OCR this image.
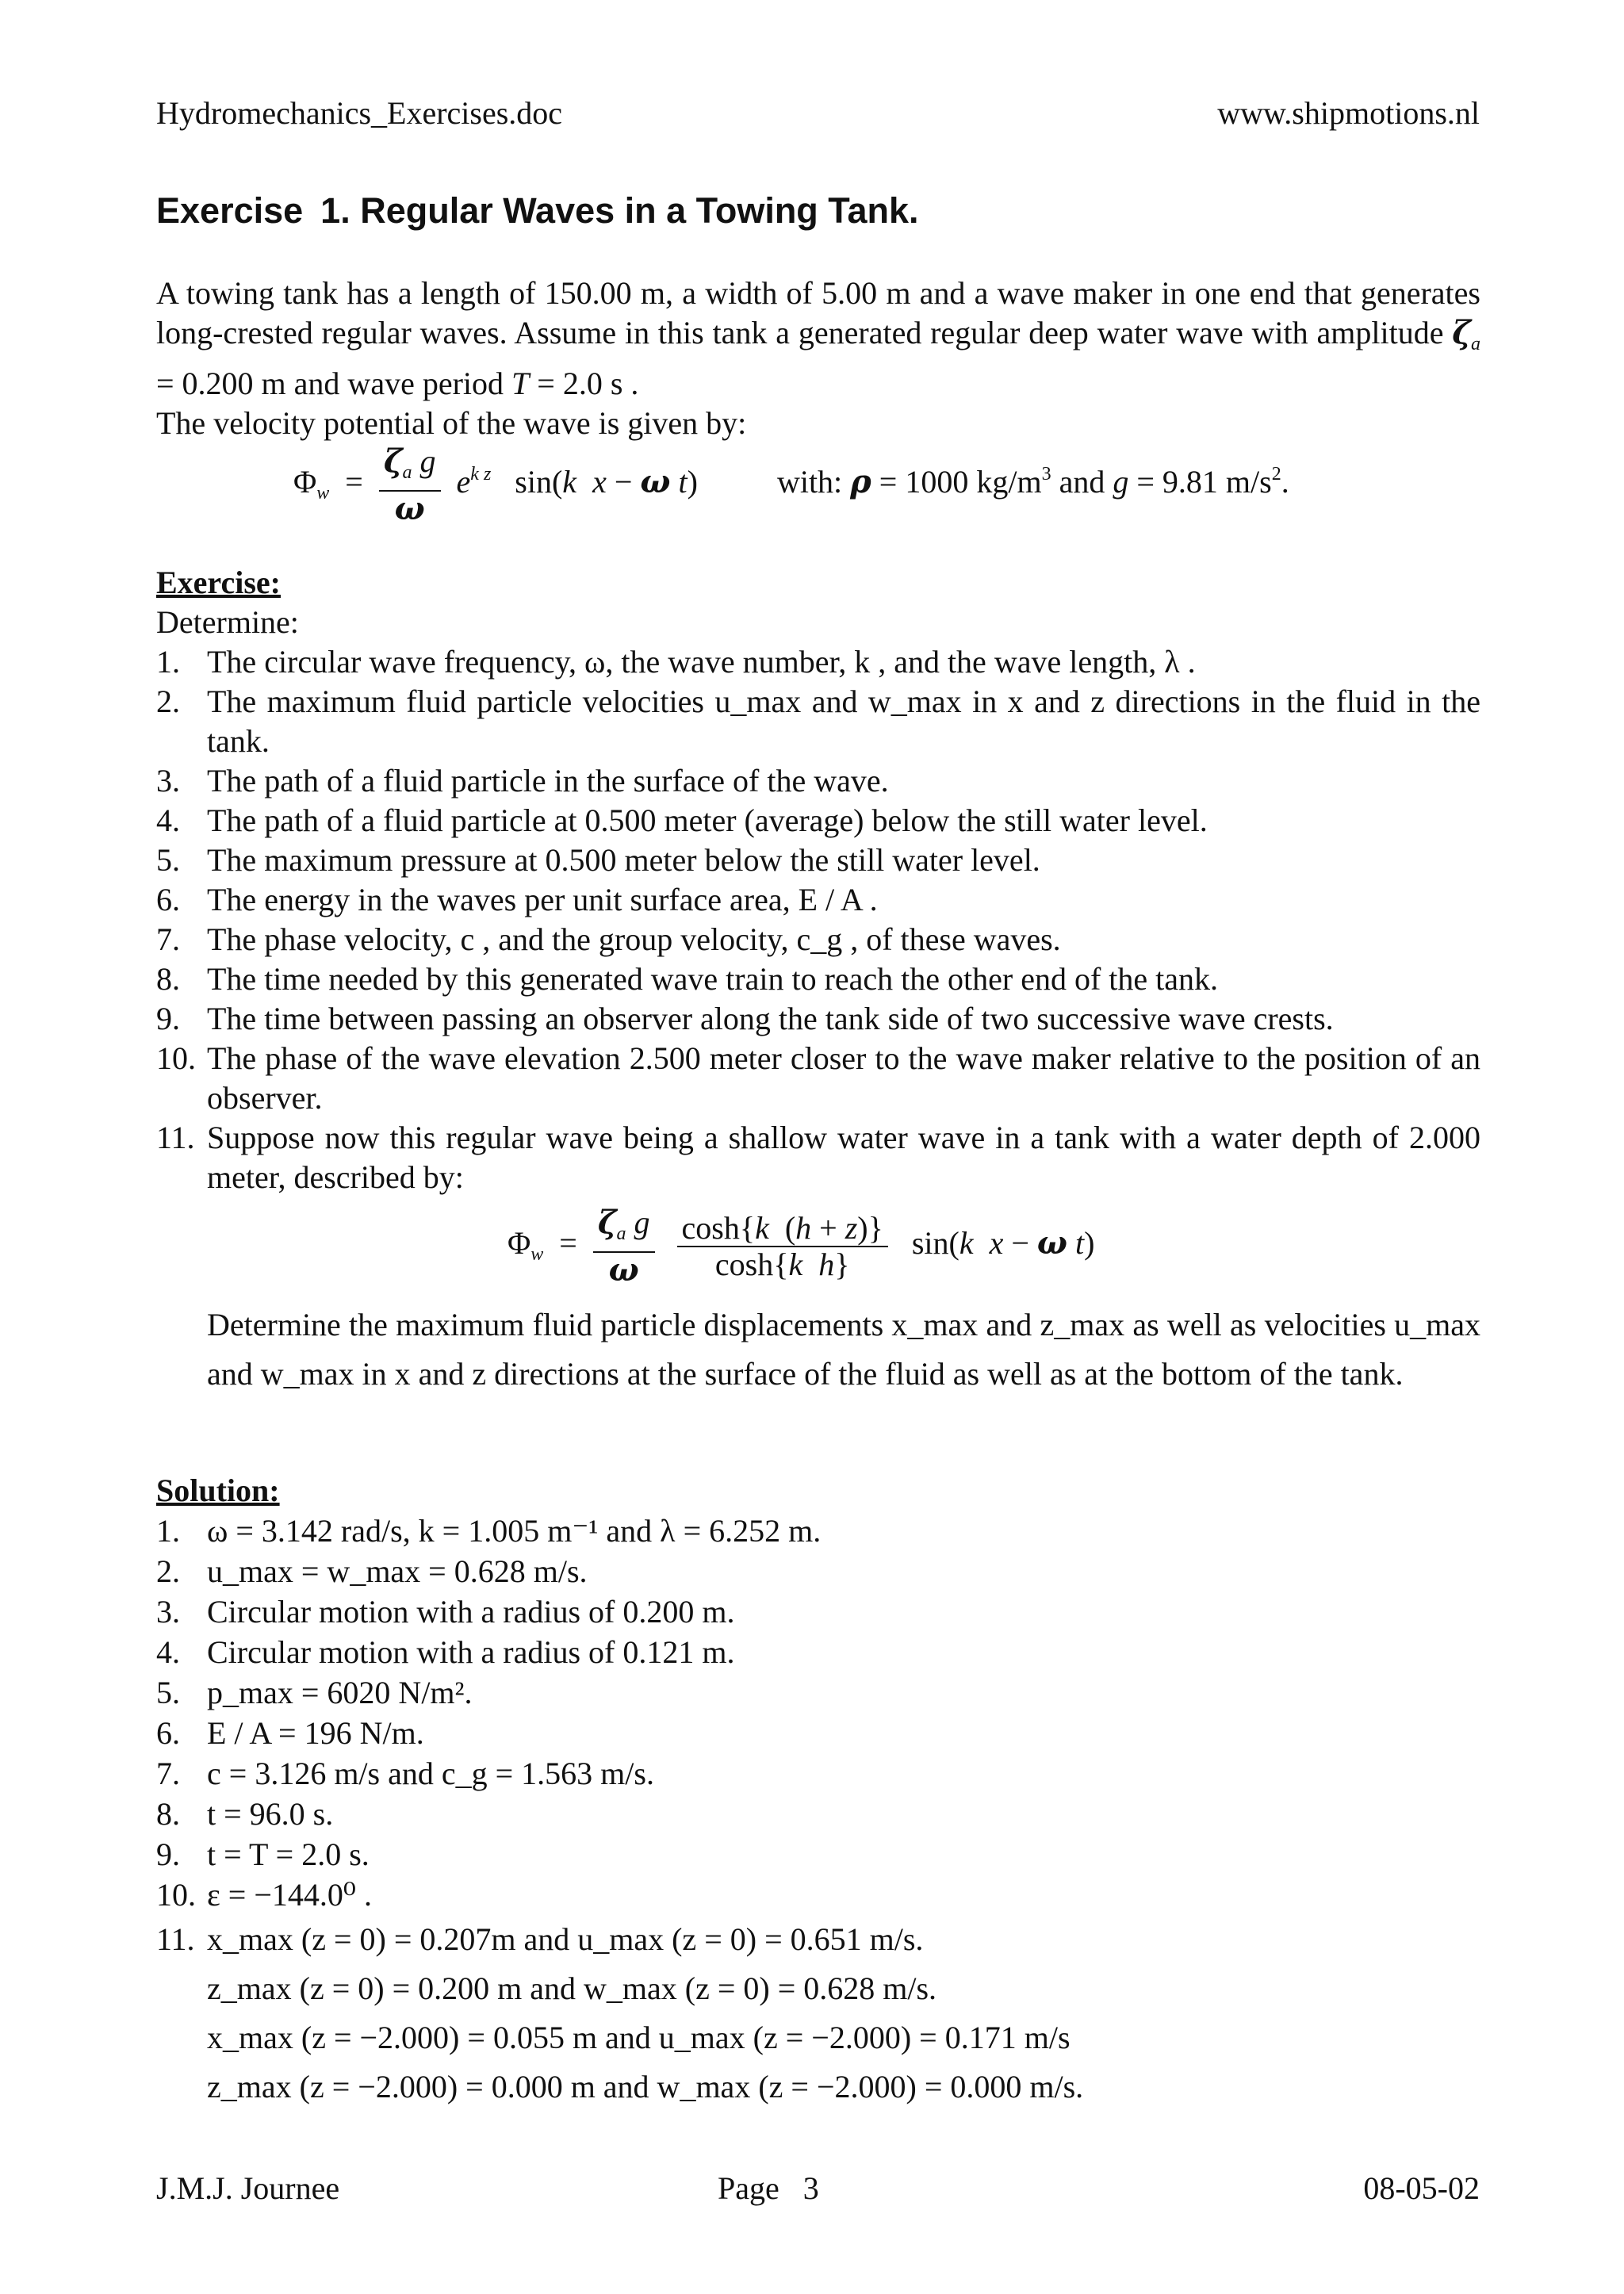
Hydromechanics_Exercises.doc	www.shipmotions.nl
Exercise 1. Regular Waves in a Towing Tank.

A towing tank has a length of 150.00 m, a width of 5.00 m and a wave maker in one end that generates long-crested regular waves. Assume in this tank a generated regular deep water wave with amplitude $\zeta_a = 0.200$ m and wave period T = 2.0 s .

The velocity potential of the wave is given by:

$\Phi_w = \frac{\zeta_a g}{\omega} e^{k z}$   sin(k x − ω t)	with: ρ = 1000 $kg/m^3$ and g = 9.81 $m/s^2$.
Exercise:
Determine:
1. The circular wave frequency, ω, the wave number, k , and the wave length, λ .
2. The maximum fluid particle velocities u_max and w_max in x and z directions in the fluid in the tank.
3. The path of a fluid particle in the surface of the wave.
4. The path of a fluid particle at 0.500 meter (average) below the still water level.
5. The maximum pressure at 0.500 meter below the still water level.
6. The energy in the waves per unit surface area, E / A .
7. The phase velocity, c , and the group velocity, c_g , of these waves.
8. The time needed by this generated wave train to reach the other end of the tank.
9. The time between passing an observer along the tank side of two successive wave crests.
10. The phase of the wave elevation 2.500 meter closer to the wave maker relative to the position of an observer.
11. Suppose now this regular wave being a shallow water wave in a tank with a water depth of 2.000 meter, described by:
$\Phi_w = \frac{\zeta_a g}{\omega}$
$\frac{\cosh\{k (h + z)\}}{\text{cosh\{k h\}}} \sin(k$ x − ω t)
Determine the maximum fluid particle displacements x_max and z_max as well as velocities u_max and w_max in x and z directions at the surface of the fluid as well as at the bottom of the tank.
Solution:
1. ω = 3.142 rad/s, k = 1.005 m⁻¹ and λ = 6.252 m.
2. u_max = w_max = 0.628 m/s.
3. Circular motion with a radius of 0.200 m.
4. Circular motion with a radius of 0.121 m.
5. p_max = 6020 N/m².
6. E / A = 196 N/m.
7. c = 3.126 m/s and c_g = 1.563 m/s.
8. t = 96.0 s.
9. t = T = 2.0 s.
10. ε = −144.0⁰ .
11. x_max (z = 0) = 0.207m and u_max (z = 0) = 0.651 m/s.
z_max (z = 0) = 0.200 m and w_max (z = 0) = 0.628 m/s.
x_max (z = −2.000) = 0.055 m and u_max (z = −2.000) = 0.171 m/s
z_max (z = −2.000) = 0.000 m and w_max (z = −2.000) = 0.000 m/s.
J.M.J. Journee	Page   3	08-05-02
